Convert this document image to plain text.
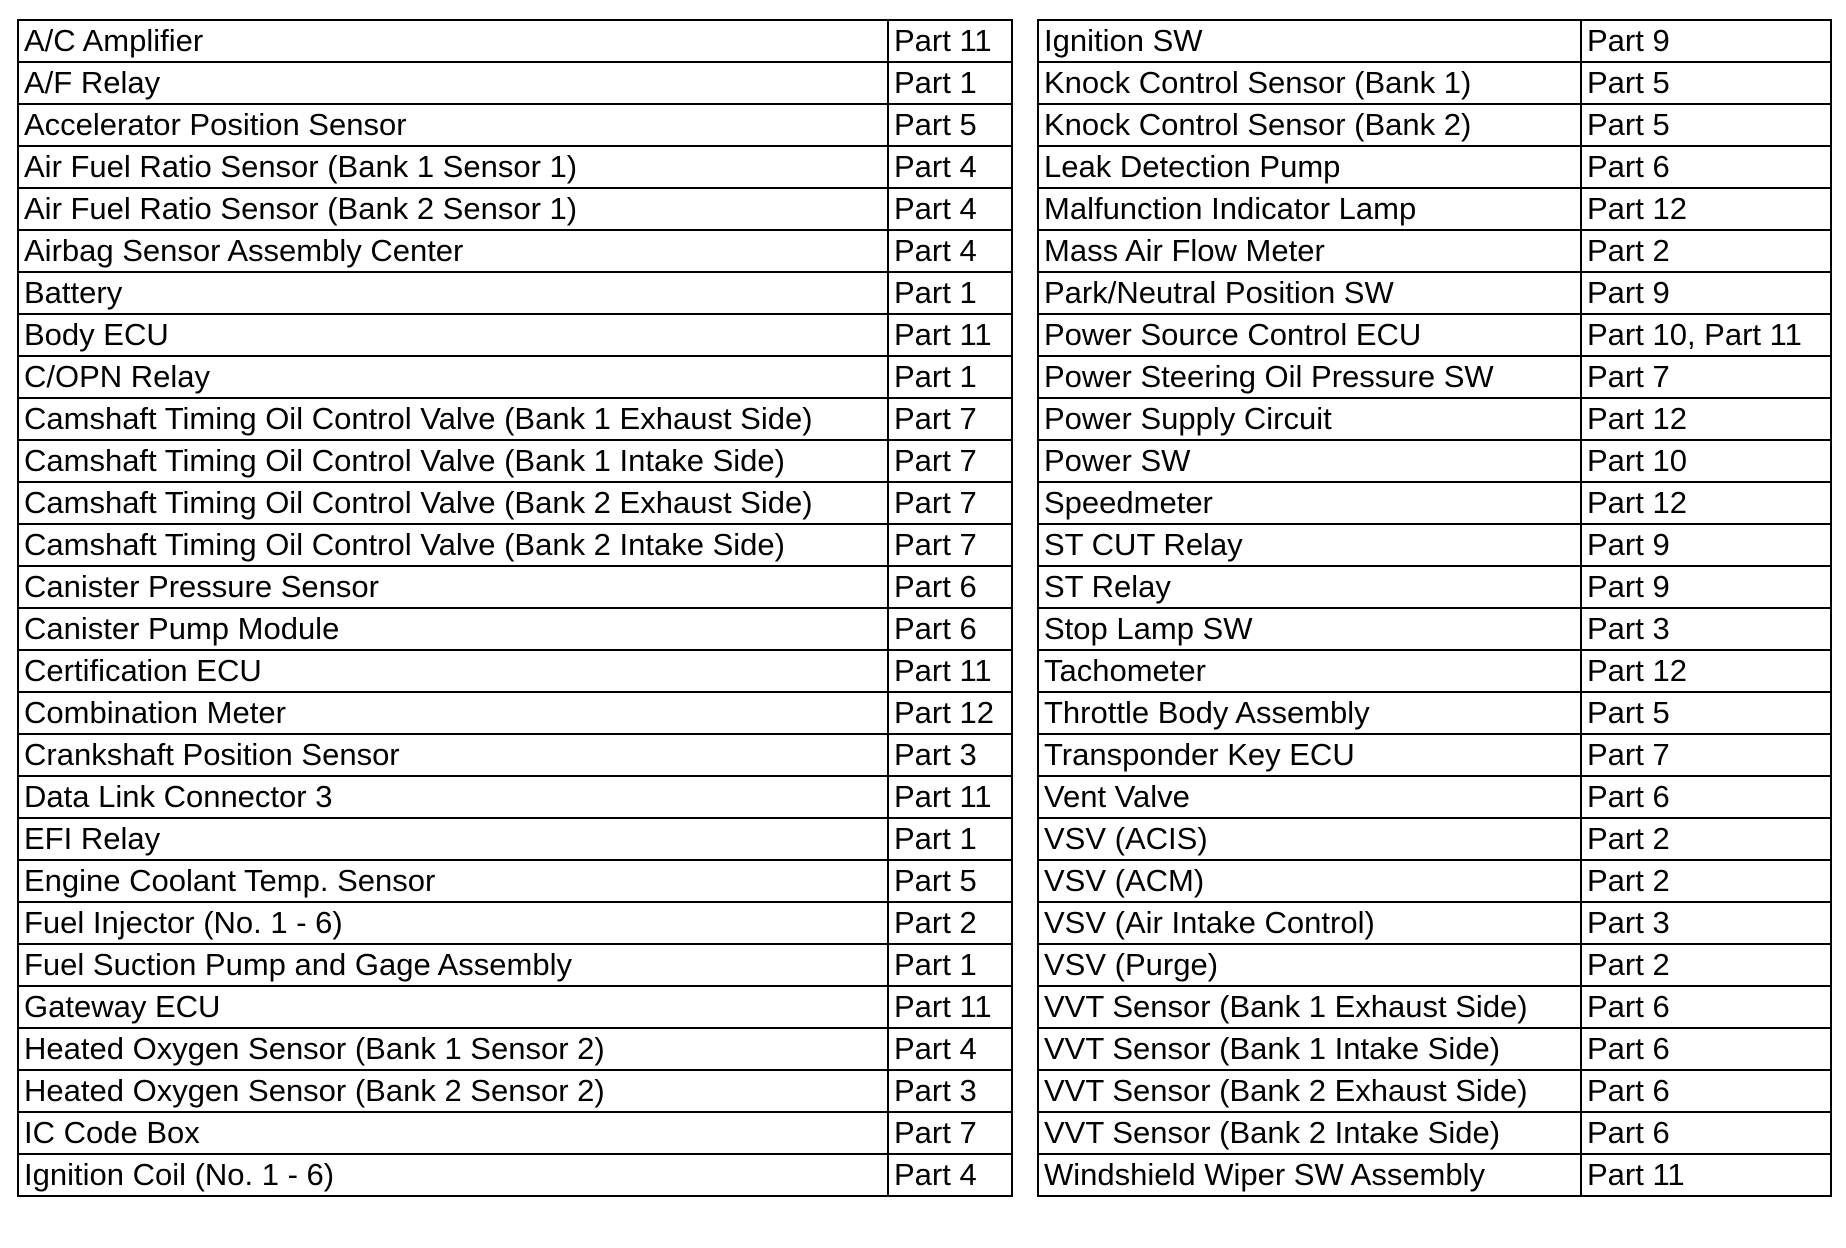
A/C Amplifier	Part 11		Ignition SW	Part 9
A/F Relay	Part 1		Knock Control Sensor (Bank 1)	Part 5
Accelerator Position Sensor	Part 5		Knock Control Sensor (Bank 2)	Part 5
Air Fuel Ratio Sensor (Bank 1 Sensor 1)	Part 4		Leak Detection Pump	Part 6
Air Fuel Ratio Sensor (Bank 2 Sensor 1)	Part 4		Malfunction Indicator Lamp	Part 12
Airbag Sensor Assembly Center	Part 4		Mass Air Flow Meter	Part 2
Battery	Part 1		Park/Neutral Position SW	Part 9
Body ECU	Part 11		Power Source Control ECU	Part 10, Part 11
C/OPN Relay	Part 1		Power Steering Oil Pressure SW	Part 7
Camshaft Timing Oil Control Valve (Bank 1 Exhaust Side)	Part 7		Power Supply Circuit	Part 12
Camshaft Timing Oil Control Valve (Bank 1 Intake Side)	Part 7		Power SW	Part 10
Camshaft Timing Oil Control Valve (Bank 2 Exhaust Side)	Part 7		Speedmeter	Part 12
Camshaft Timing Oil Control Valve (Bank 2 Intake Side)	Part 7		ST CUT Relay	Part 9
Canister Pressure Sensor	Part 6		ST Relay	Part 9
Canister Pump Module	Part 6		Stop Lamp SW	Part 3
Certification ECU	Part 11		Tachometer	Part 12
Combination Meter	Part 12		Throttle Body Assembly	Part 5
Crankshaft Position Sensor	Part 3		Transponder Key ECU	Part 7
Data Link Connector 3	Part 11		Vent Valve	Part 6
EFI Relay	Part 1		VSV (ACIS)	Part 2
Engine Coolant Temp. Sensor	Part 5		VSV (ACM)	Part 2
Fuel Injector (No. 1 - 6)	Part 2		VSV (Air Intake Control)	Part 3
Fuel Suction Pump and Gage Assembly	Part 1		VSV (Purge)	Part 2
Gateway ECU	Part 11		VVT Sensor (Bank 1 Exhaust Side)	Part 6
Heated Oxygen Sensor (Bank 1 Sensor 2)	Part 4		VVT Sensor (Bank 1 Intake Side)	Part 6
Heated Oxygen Sensor (Bank 2 Sensor 2)	Part 3		VVT Sensor (Bank 2 Exhaust Side)	Part 6
IC Code Box	Part 7		VVT Sensor (Bank 2 Intake Side)	Part 6
Ignition Coil (No. 1 - 6)	Part 4		Windshield Wiper SW Assembly	Part 11
